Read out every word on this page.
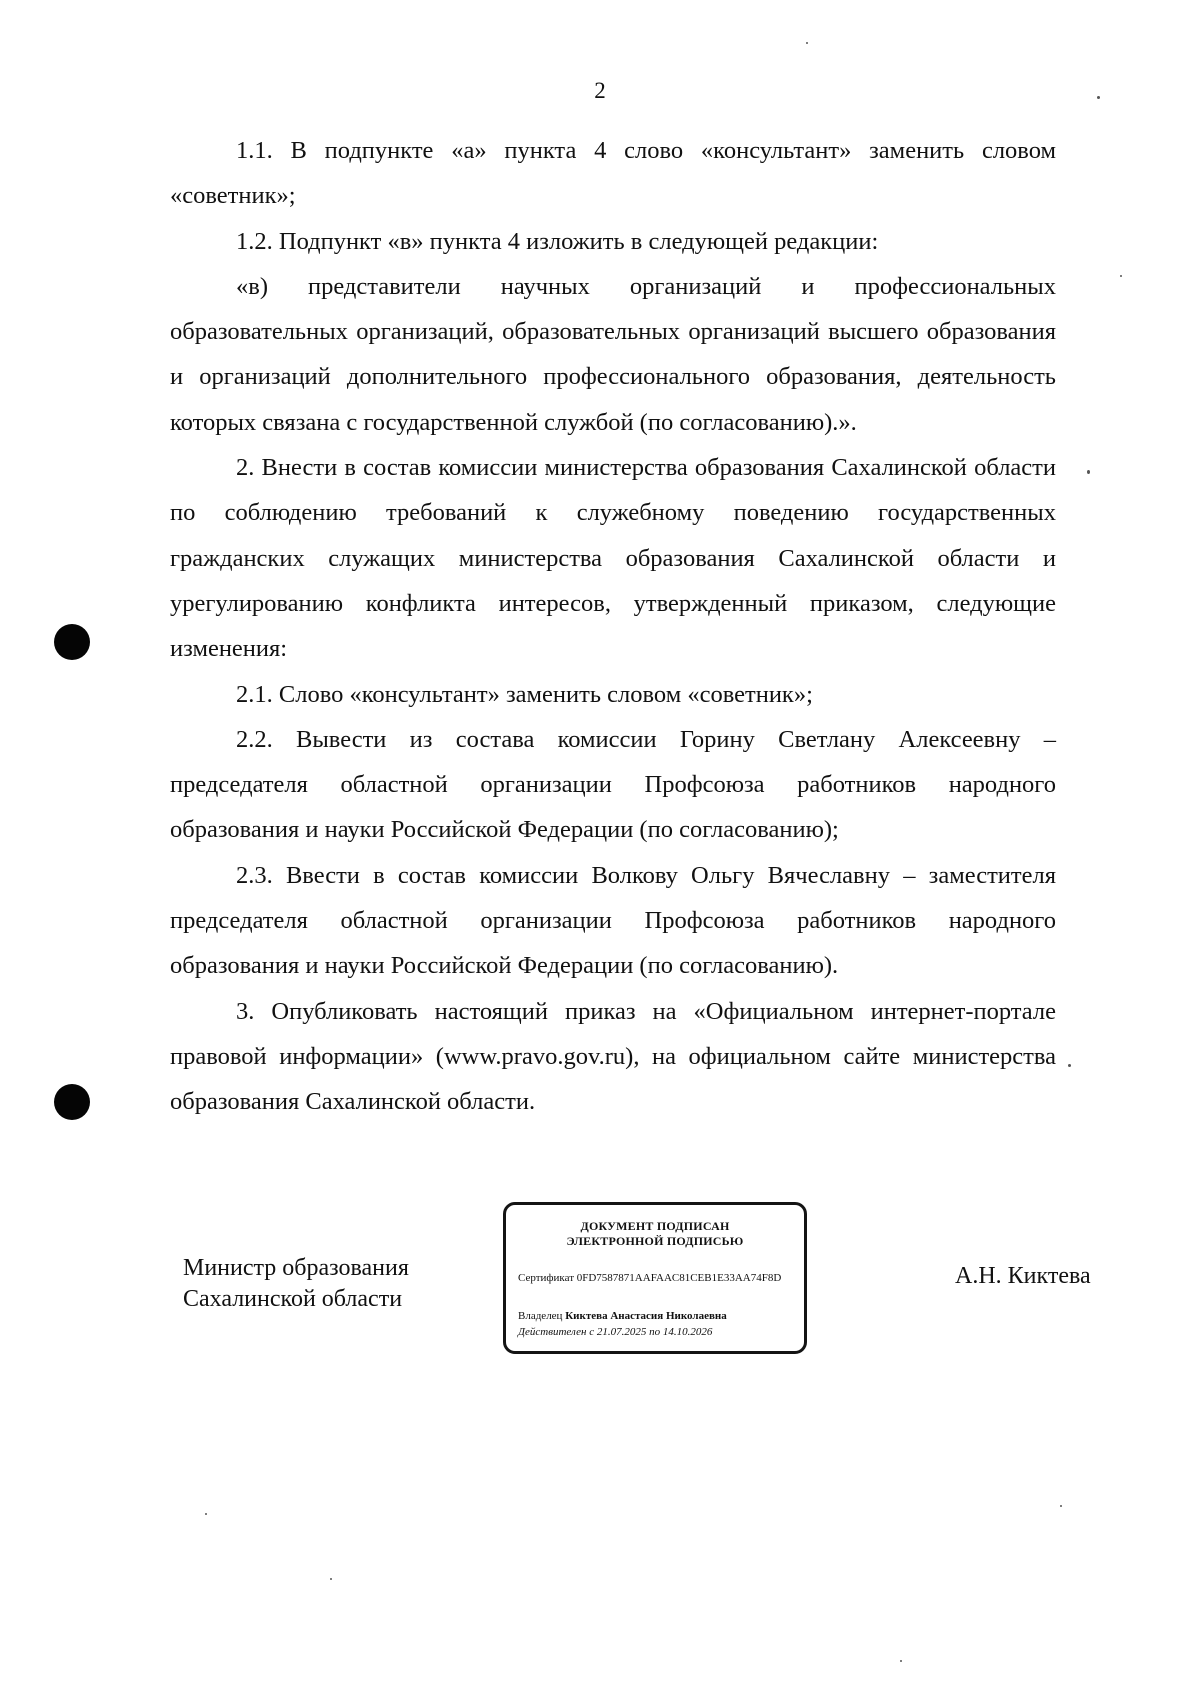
2

1.1. В подпункте «а» пункта 4 слово «консультант» заменить словом «советник»;

1.2. Подпункт «в» пункта 4 изложить в следующей редакции:

«в) представители научных организаций и профессиональных образовательных организаций, образовательных организаций высшего образования и организаций дополнительного профессионального образования, деятельность которых связана с государственной службой (по согласованию).».

2. Внести в состав комиссии министерства образования Сахалинской области по соблюдению требований к служебному поведению государственных гражданских служащих министерства образования Сахалинской области и урегулированию конфликта интересов, утвержденный приказом, следующие изменения:

2.1. Слово «консультант» заменить словом «советник»;

2.2. Вывести из состава комиссии Горину Светлану Алексеевну – председателя областной организации Профсоюза работников народного образования и науки Российской Федерации (по согласованию);

2.3. Ввести в состав комиссии Волкову Ольгу Вячеславну – заместителя председателя областной организации Профсоюза работников народного образования и науки Российской Федерации (по согласованию).

3. Опубликовать настоящий приказ на «Официальном интернет-портале правовой информации» (www.pravo.gov.ru), на официальном сайте министерства образования Сахалинской области.

Министр образования
Сахалинской области
ДОКУМЕНТ ПОДПИСАН
ЭЛЕКТРОННОЙ ПОДПИСЬЮ
Сертификат 0FD7587871AAFAAC81CEB1E33AA74F8D
Владелец Киктева Анастасия Николаевна
Действителен с 21.07.2025 по 14.10.2026
А.Н. Киктева
